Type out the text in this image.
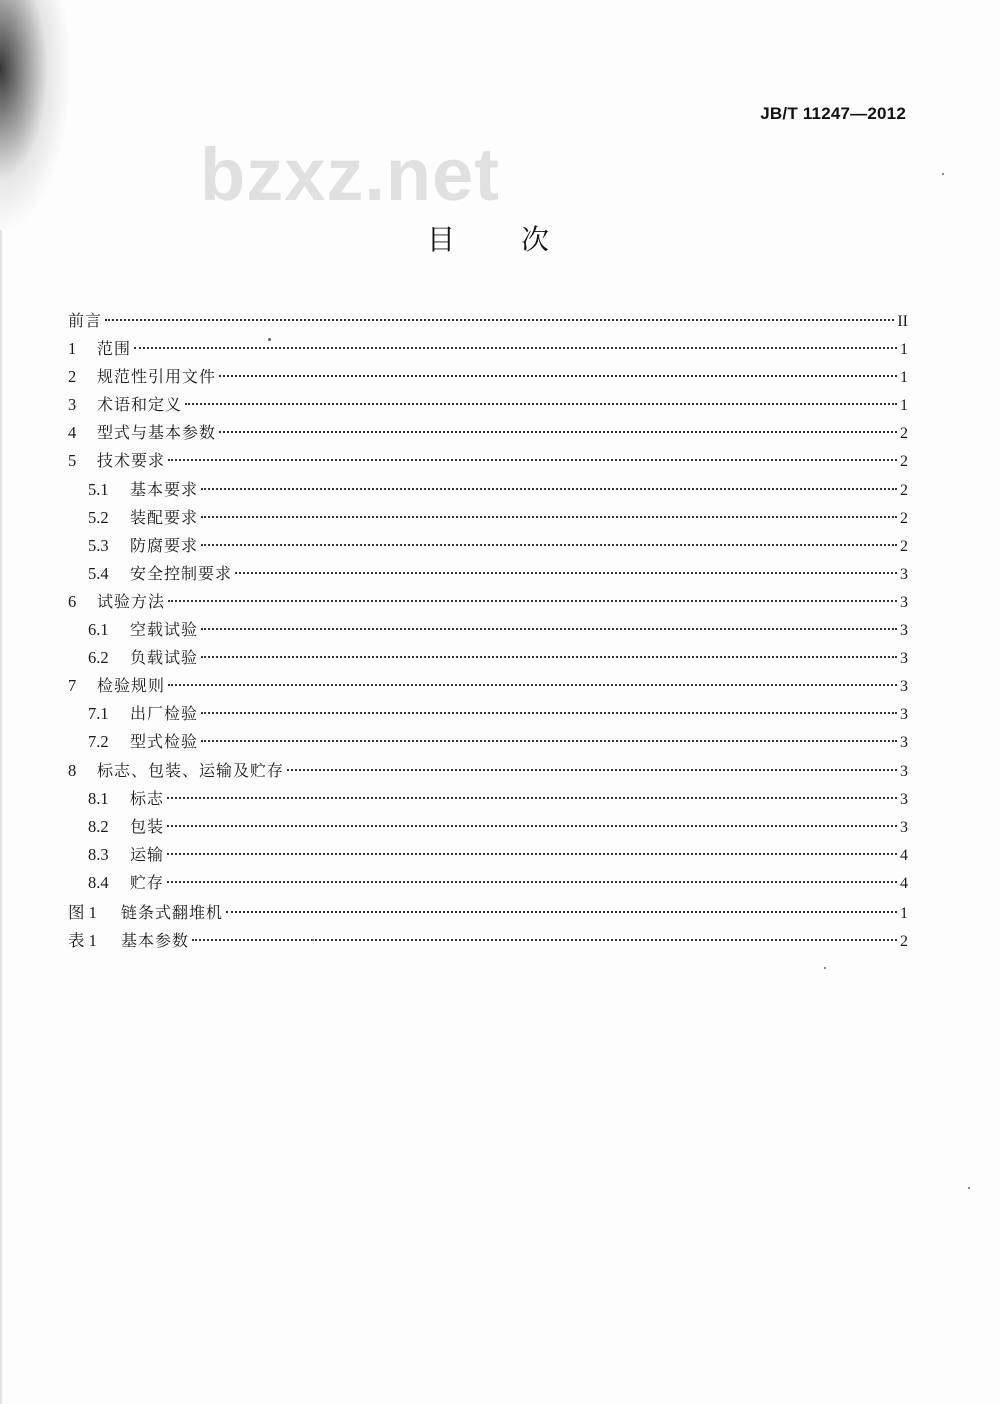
bzxz.net
JB/T 11247—2012
目次
前言	II
1	范围	1
2	规范性引用文件	1
3	术语和定义	1
4	型式与基本参数	2
5	技术要求	2
5.1	基本要求	2
5.2	装配要求	2
5.3	防腐要求	2
5.4	安全控制要求	3
6	试验方法	3
6.1	空载试验	3
6.2	负载试验	3
7	检验规则	3
7.1	出厂检验	3
7.2	型式检验	3
8	标志、包装、运输及贮存	3
8.1	标志	3
8.2	包装	3
8.3	运输	4
8.4	贮存	4
图 1	链条式翻堆机	1
表 1	基本参数	2
